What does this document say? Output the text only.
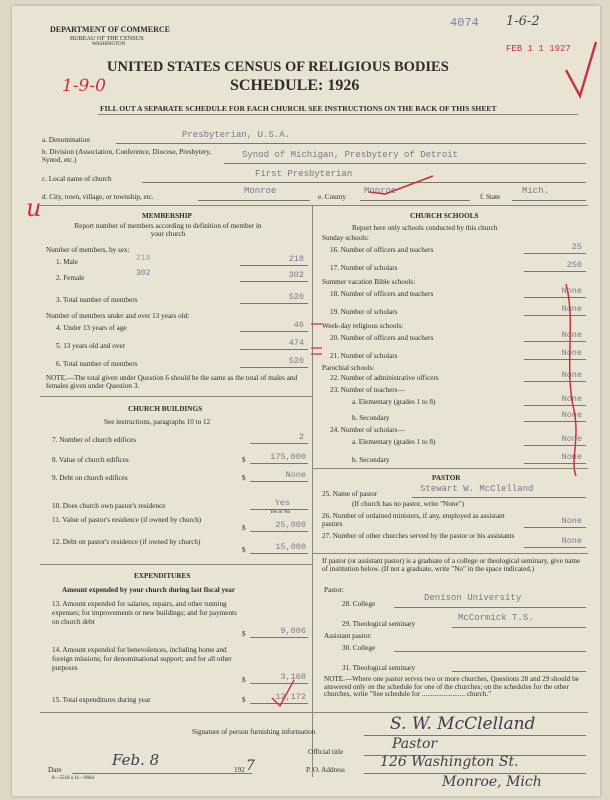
DEPARTMENT OF COMMERCE
BUREAU OF THE CENSUS
WASHINGTON
4074 1-6-2
FEB 1 1 1927
UNITED STATES CENSUS OF RELIGIOUS BODIES
SCHEDULE: 1926
1-9-0
FILL OUT A SEPARATE SCHEDULE FOR EACH CHURCH. SEE INSTRUCTIONS ON THE BACK OF THIS SHEET
a. Denomination	Presbyterian, U.S.A.
b. Division (Association, Conference, Diocese, Presbytery, Synod, etc.)	Synod of Michigan, Presbytery of Detroit
c. Local name of church	First Presbyterian
d. City, town, village, or township, etc.
Monroe
e. County
Monroe
f. State
Mich.
u	MEMBERSHIP
Report number of members according to definition of member in your church
Number of members, by sex:
1. Male	218
218
2. Female	302
302
3. Total number of members	520
Number of members under and over 13 years old:
4. Under 13 years of age	46
5. 13 years old and over	474
6. Total number of members	520
NOTE.—The total given under Question 6 should be the same as the total of males and females given under Question 3.
CHURCH BUILDINGS
See instructions, paragraphs 10 to 12
7. Number of church edifices	2
8. Value of church edifices	$	175,000
9. Debt on church edifices	$	None
10. Does church own pastor's residence	Yes
Yes or No
11. Value of pastor's residence (if owned by church)
$	25,000
12. Debt on pastor's residence (if owned by church)
$	15,000
EXPENDITURES
Amount expended by your church during last fiscal year
13. Amount expended for salaries, repairs, and other running expenses; for improvements or new buildings; and for payments on church debt
$	9,006
14. Amount expended for benevolences, including home and foreign missions; for denominational support; and for all other purposes
$	3,168
15. Total expenditures during year	$	12,172
CHURCH SCHOOLS
Report here only schools conducted by this church
Sunday schools:
16. Number of officers and teachers	25
17. Number of scholars	250
Summer vacation Bible schools:
18. Number of officers and teachers	None
19. Number of scholars	None
Week-day religious schools:
20. Number of officers and teachers	None
21. Number of scholars	None
Parochial schools:
22. Number of administrative officers	None
23. Number of teachers—
a. Elementary (grades 1 to 8)	None
b. Secondary	None
24. Number of scholars—
a. Elementary (grades 1 to 8)	None
b. Secondary	None
PASTOR
25. Name of pastor	Stewart W. McClelland
(If church has no pastor, write "None")
26. Number of ordained ministers, if any, employed as assistant pastors	None
27. Number of other churches served by the pastor or his assistants	None
If pastor (or assistant pastor) is a graduate of a college or theological seminary, give name of institution below. (If not a graduate, write "No" in the space indicated.)
Pastor:
28. College
Denison University
29. Theological seminary
McCormick T.S.
Assistant pastor:
30. College
31. Theological seminary
NOTE.—Where one pastor serves two or more churches, Questions 28 and 29 should be answered only on the schedule for one of the churches; on the schedules for the other churches, write "See schedule for ........................ church."
Signature of person furnishing information	S. W. McClelland
Official title	Pastor
Date
Feb. 8
192 7
8—5518 a 11—9664
P. O. Address	126 Washington St.
Monroe, Mich
